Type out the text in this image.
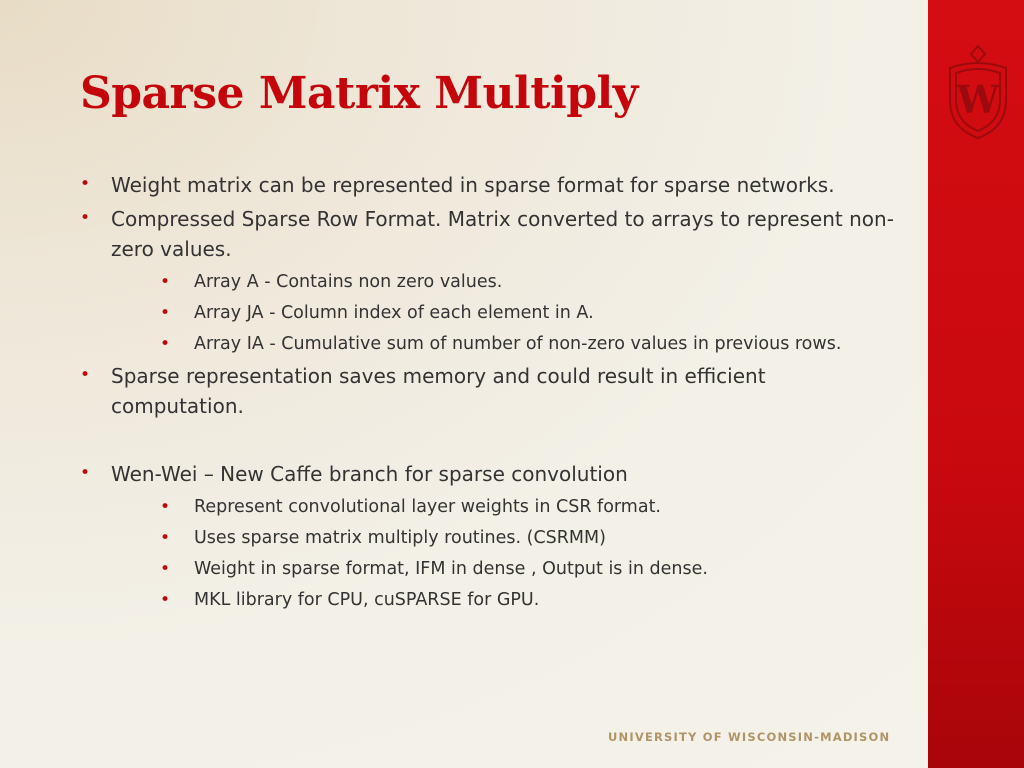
W
Sparse Matrix Multiply
• Weight matrix can be represented in sparse format for sparse networks.
• Compressed Sparse Row Format. Matrix converted to arrays to represent non-zero values.
• Array A - Contains non zero values.
• Array JA - Column index of each element in A.
• Array IA - Cumulative sum of number of non-zero values in previous rows.
• Sparse representation saves memory and could result in efficient computation.
• Wen-Wei – New Caffe branch for sparse convolution
• Represent convolutional layer weights in CSR format.
• Uses sparse matrix multiply routines. (CSRMM)
• Weight in sparse format, IFM in dense , Output is in dense.
• MKL library for CPU, cuSPARSE for GPU.
UNIVERSITY OF WISCONSIN-MADISON
